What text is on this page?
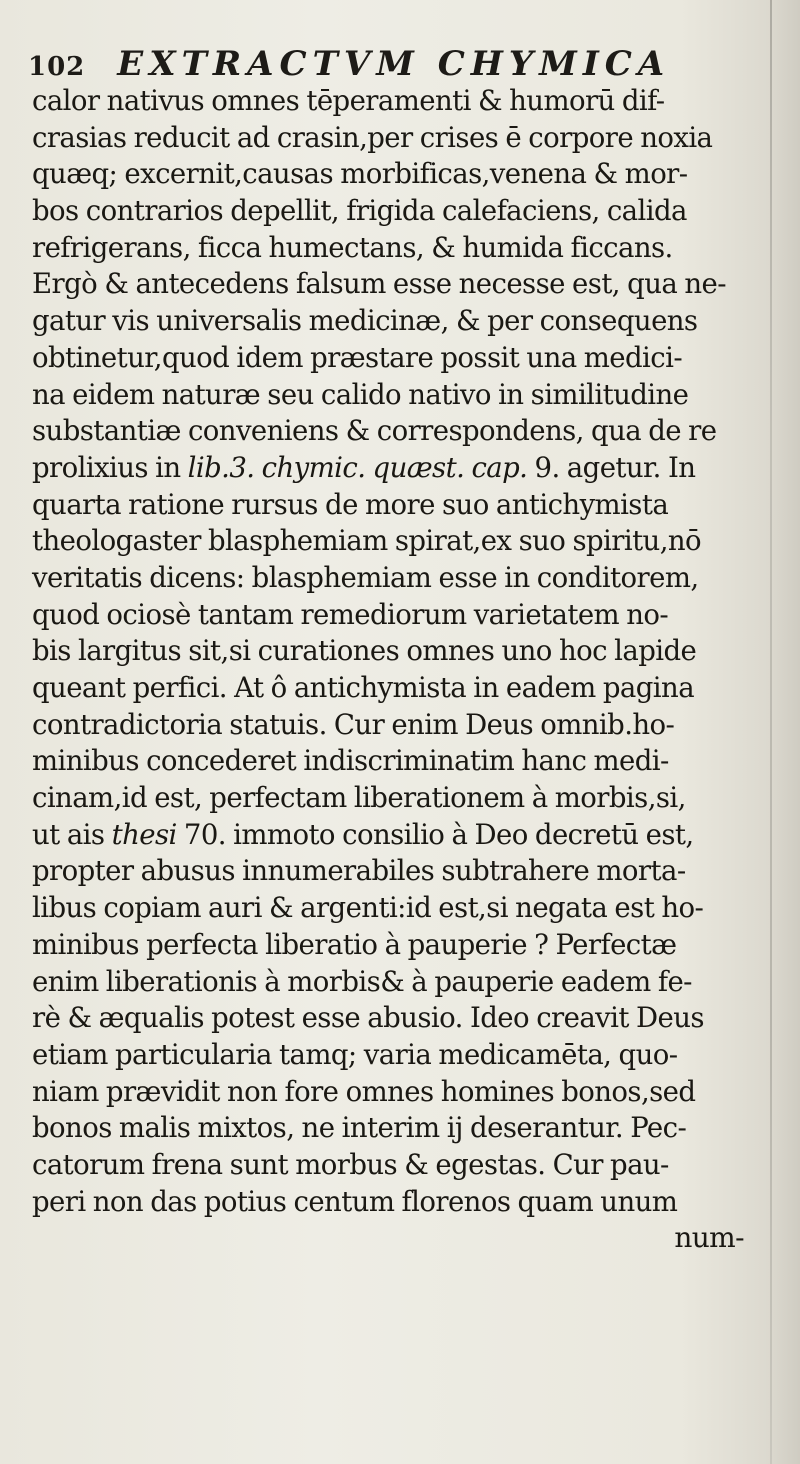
102 EXTRACTVM CHYMICA
calor nativus omnes tēperamenti & humorū dif-
crasias reducit ad crasin,per crises ē corpore noxia
quæq; excernit,causas morbificas,venena & mor-
bos contrarios depellit, frigida calefaciens, calida
refrigerans, ficca humectans, & humida ficcans.
Ergò & antecedens falsum esse necesse est, qua ne-
gatur vis universalis medicinæ, & per consequens
obtinetur,quod idem præstare possit una medici-
na eidem naturæ seu calido nativo in similitudine
substantiæ conveniens & correspondens, qua de re
prolixius in lib.3. chymic. quæst. cap. 9. agetur. In
quarta ratione rursus de more suo antichymista
theologaster blasphemiam spirat,ex suo spiritu,nō
veritatis dicens: blasphemiam esse in conditorem,
quod ociosè tantam remediorum varietatem no-
bis largitus sit,si curationes omnes uno hoc lapide
queant perfici. At ô antichymista in eadem pagina
contradictoria statuis. Cur enim Deus omnib.ho-
minibus concederet indiscriminatim hanc medi-
cinam,id est, perfectam liberationem à morbis,si,
ut ais thesi 70. immoto consilio à Deo decretū est,
propter abusus innumerabiles subtrahere morta-
libus copiam auri & argenti:id est,si negata est ho-
minibus perfecta liberatio à pauperie ? Perfectæ
enim liberationis à morbis& à pauperie eadem fe-
rè & æqualis potest esse abusio. Ideo creavit Deus
etiam particularia tamq; varia medicamēta, quo-
niam prævidit non fore omnes homines bonos,sed
bonos malis mixtos, ne interim ij deserantur. Pec-
catorum frena sunt morbus & egestas. Cur pau-
peri non das potius centum florenos quam unum
num-
